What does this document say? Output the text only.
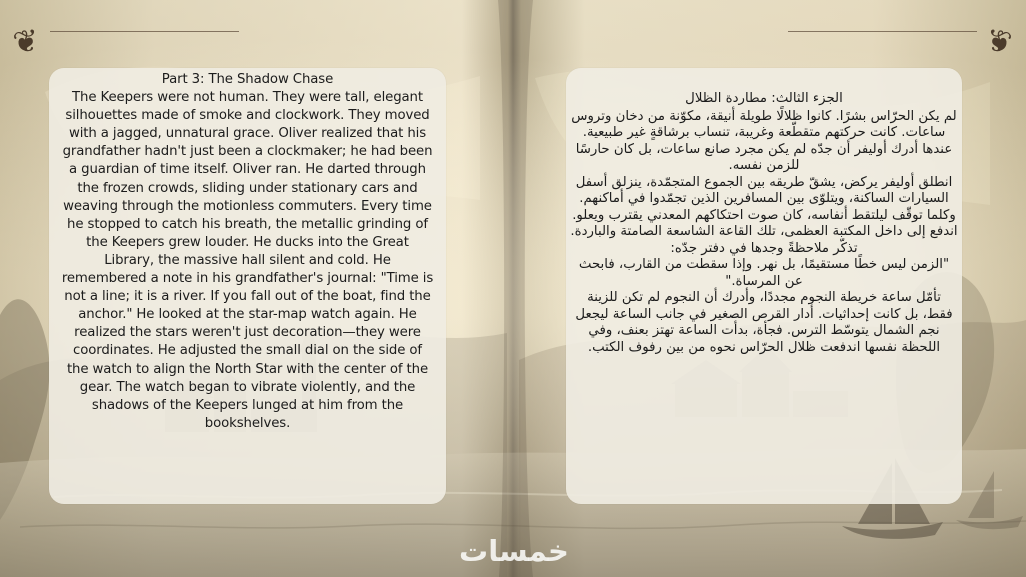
❦	❦
Part 3: The Shadow Chase

The Keepers were not human. They were tall, elegant silhouettes made of smoke and clockwork. They moved with a jagged, unnatural grace. Oliver realized that his grandfather hadn't just been a clockmaker; he had been a guardian of time itself. Oliver ran. He darted through the frozen crowds, sliding under stationary cars and weaving through the motionless commuters. Every time he stopped to catch his breath, the metallic grinding of the Keepers grew louder. He ducks into the Great Library, the massive hall silent and cold. He remembered a note in his grandfather's journal: "Time is not a line; it is a river. If you fall out of the boat, find the anchor." He looked at the star-map watch again. He realized the stars weren't just decoration—they were coordinates. He adjusted the small dial on the side of the watch to align the North Star with the center of the gear. The watch began to vibrate violently, and the shadows of the Keepers lunged at him from the bookshelves.

الجزء الثالث: مطاردة الظلال

لم يكن الحرّاس بشرًا. كانوا ظلالًا طويلة أنيقة، مكوّنة من دخان وتروس ساعات. كانت حركتهم متقطّعة وغريبة، تنساب برشاقةٍ غير طبيعية. عندها أدرك أوليفر أن جدّه لم يكن مجرد صانع ساعات، بل كان حارسًا للزمن نفسه.

انطلق أوليفر يركض، يشقّ طريقه بين الجموع المتجمّدة، ينزلق أسفل السيارات الساكنة، ويتلوّى بين المسافرين الذين تجمّدوا في أماكنهم. وكلما توقّف ليلتقط أنفاسه، كان صوت احتكاكهم المعدني يقترب ويعلو.

اندفع إلى داخل المكتبة العظمى، تلك القاعة الشاسعة الصامتة والباردة. تذكّر ملاحظةً وجدها في دفتر جدّه:

"الزمن ليس خطًا مستقيمًا، بل نهر. وإذا سقطت من القارب، فابحث عن المرساة."

تأمّل ساعة خريطة النجوم مجددًا، وأدرك أن النجوم لم تكن للزينة فقط، بل كانت إحداثيات. أدار القرص الصغير في جانب الساعة ليجعل نجم الشمال يتوسّط الترس. فجأة، بدأت الساعة تهتز بعنف، وفي اللحظة نفسها اندفعت ظلال الحرّاس نحوه من بين رفوف الكتب.

خمسات
